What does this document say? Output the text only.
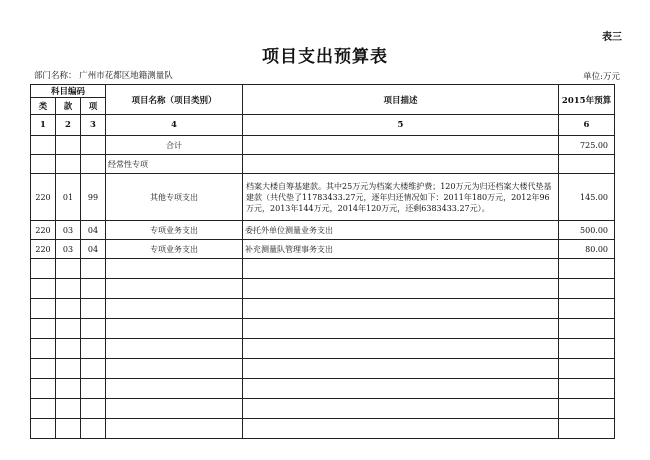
表三
项目支出预算表
部门名称： 广州市花都区地籍测量队	单位:万元
科目编码			项目名称（项目类别）	项目描述	2015年预算
类	款	项			
1	2	3	4	5	6
			合计		725.00
			经常性专项		
220	01	99	其他专项支出	档案大楼自筹基建款。其中25万元为档案大楼维护费；120万元为归还档案大楼代垫基建款（共代垫了11783433.27元，逐年归还情况如下：2011年180万元，2012年96万元，2013年144万元，2014年120万元，还剩6383433.27元）。	145.00
220	03	04	专项业务支出	委托外单位测量业务支出	500.00
220	03	04	专项业务支出	补充测量队管理事务支出	80.00
